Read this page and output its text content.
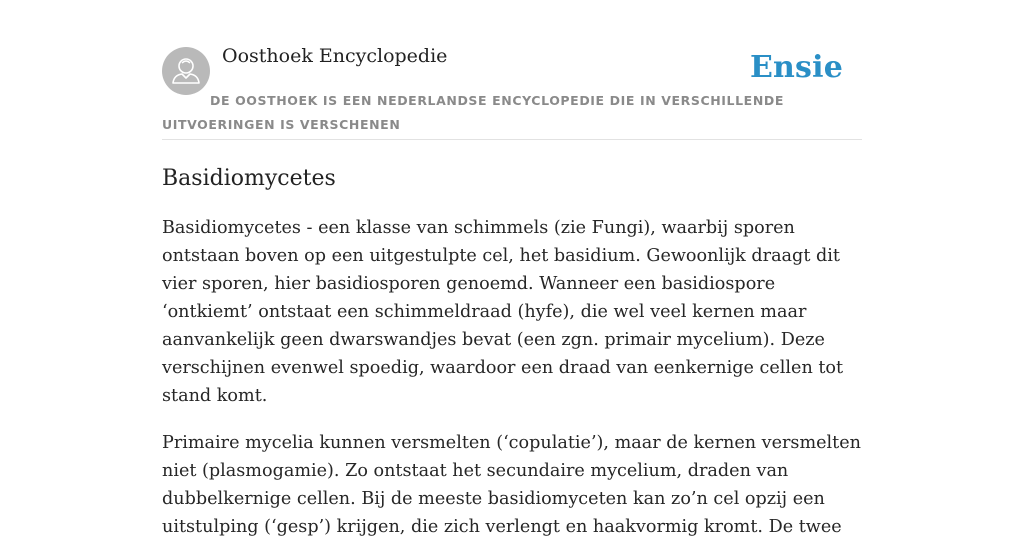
Oosthoek Encyclopedie	Ensie
DE OOSTHOEK IS EEN NEDERLANDSE ENCYCLOPEDIE DIE IN VERSCHILLENDE UITVOERINGEN IS VERSCHENEN
Basidiomycetes

Basidiomycetes - een klasse van schimmels (zie Fungi), waarbij sporen ontstaan boven op een uitgestulpte cel, het basidium. Gewoonlijk draagt dit vier sporen, hier basidiosporen genoemd. Wanneer een basidiospore ‘ontkiemt’ ontstaat een schimmeldraad (hyfe), die wel veel kernen maar aanvankelijk geen dwarswandjes bevat (een zgn. primair mycelium). Deze verschijnen evenwel spoedig, waardoor een draad van eenkernige cellen tot stand komt.

Primaire mycelia kunnen versmelten (‘copulatie’), maar de kernen versmelten niet (plasmogamie). Zo ontstaat het secundaire mycelium, draden van dubbelkernige cellen. Bij de meeste basidiomyceten kan zo’n cel opzij een uitstulping (‘gesp’) krijgen, die zich verlengt en haakvormig kromt. De twee
